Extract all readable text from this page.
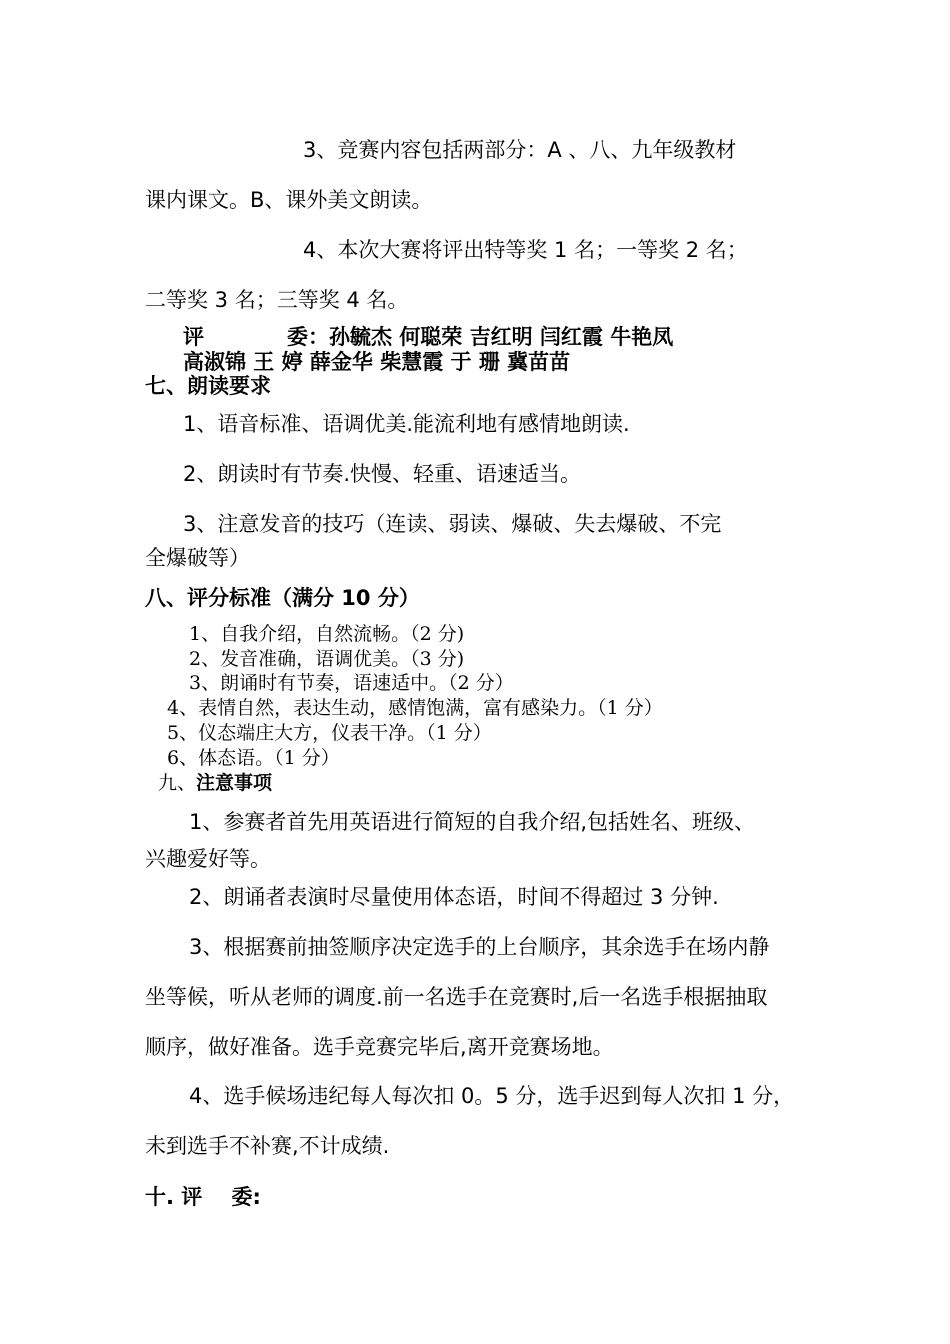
3、竞赛内容包括两部分：A 、八、九年级教材
课内课文。B、课外美文朗读。
4、本次大赛将评出特等奖 1 名；一等奖 2 名；
二等奖 3 名；三等奖 4 名。
评	委：孙毓杰 何聪荣 吉红明 闫红霞 牛艳凤
高淑锦 王 婷 薛金华 柴慧霞 于 珊 冀苗苗
七、朗读要求
1、语音标准、语调优美.能流利地有感情地朗读.
2、朗读时有节奏.快慢、轻重、语速适当。
3、注意发音的技巧（连读、弱读、爆破、失去爆破、不完
全爆破等）
八、评分标准（满分 10 分）
1、自我介绍，自然流畅。（2 分)
2、发音准确，语调优美。（3 分)
3、朗诵时有节奏，语速适中。（2 分）
4、表情自然，表达生动，感情饱满，富有感染力。（1 分）
5、仪态端庄大方，仪表干净。（1 分）
6、体态语。（1 分）
九、注意事项
1、参赛者首先用英语进行简短的自我介绍,包括姓名、班级、
兴趣爱好等。
2、朗诵者表演时尽量使用体态语，时间不得超过 3 分钟.
3、根据赛前抽签顺序决定选手的上台顺序，其余选手在场内静
坐等候，听从老师的调度.前一名选手在竞赛时,后一名选手根据抽取
顺序，做好准备。选手竞赛完毕后,离开竞赛场地。
4、选手候场违纪每人每次扣 0。5 分，选手迟到每人次扣 1 分，
未到选手不补赛,不计成绩.
十. 评    委:
